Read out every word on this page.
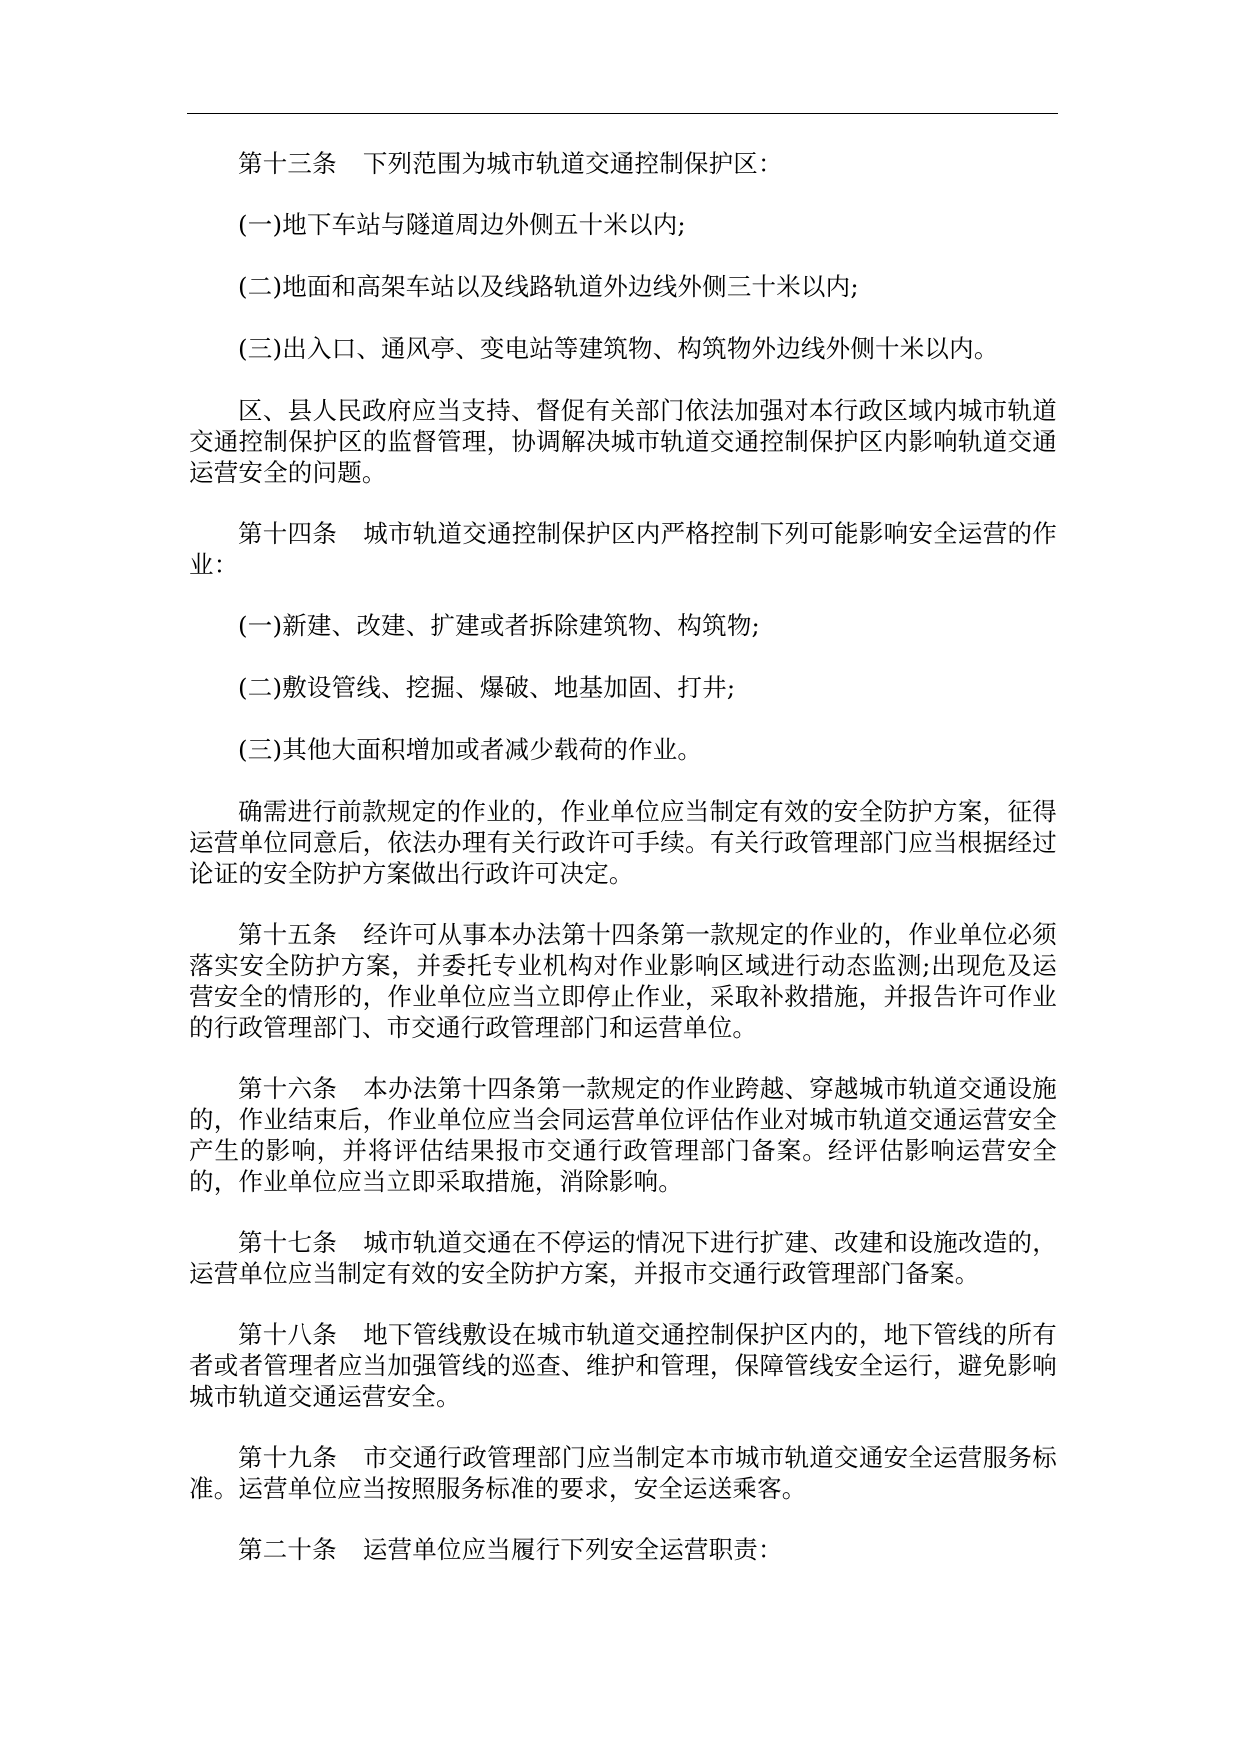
第十三条 下列范围为城市轨道交通控制保护区：

(一)地下车站与隧道周边外侧五十米以内;

(二)地面和高架车站以及线路轨道外边线外侧三十米以内;

(三)出入口、通风亭、变电站等建筑物、构筑物外边线外侧十米以内。

区、县人民政府应当支持、督促有关部门依法加强对本行政区域内城市轨道交通控制保护区的监督管理，协调解决城市轨道交通控制保护区内影响轨道交通运营安全的问题。

第十四条 城市轨道交通控制保护区内严格控制下列可能影响安全运营的作业：

(一)新建、改建、扩建或者拆除建筑物、构筑物;

(二)敷设管线、挖掘、爆破、地基加固、打井;

(三)其他大面积增加或者减少载荷的作业。

确需进行前款规定的作业的，作业单位应当制定有效的安全防护方案，征得运营单位同意后，依法办理有关行政许可手续。有关行政管理部门应当根据经过论证的安全防护方案做出行政许可决定。

第十五条 经许可从事本办法第十四条第一款规定的作业的，作业单位必须落实安全防护方案，并委托专业机构对作业影响区域进行动态监测;出现危及运营安全的情形的，作业单位应当立即停止作业，采取补救措施，并报告许可作业的行政管理部门、市交通行政管理部门和运营单位。

第十六条 本办法第十四条第一款规定的作业跨越、穿越城市轨道交通设施的，作业结束后，作业单位应当会同运营单位评估作业对城市轨道交通运营安全产生的影响，并将评估结果报市交通行政管理部门备案。经评估影响运营安全的，作业单位应当立即采取措施，消除影响。

第十七条 城市轨道交通在不停运的情况下进行扩建、改建和设施改造的，运营单位应当制定有效的安全防护方案，并报市交通行政管理部门备案。

第十八条 地下管线敷设在城市轨道交通控制保护区内的，地下管线的所有者或者管理者应当加强管线的巡查、维护和管理，保障管线安全运行，避免影响城市轨道交通运营安全。

第十九条 市交通行政管理部门应当制定本市城市轨道交通安全运营服务标准。运营单位应当按照服务标准的要求，安全运送乘客。

第二十条 运营单位应当履行下列安全运营职责：
